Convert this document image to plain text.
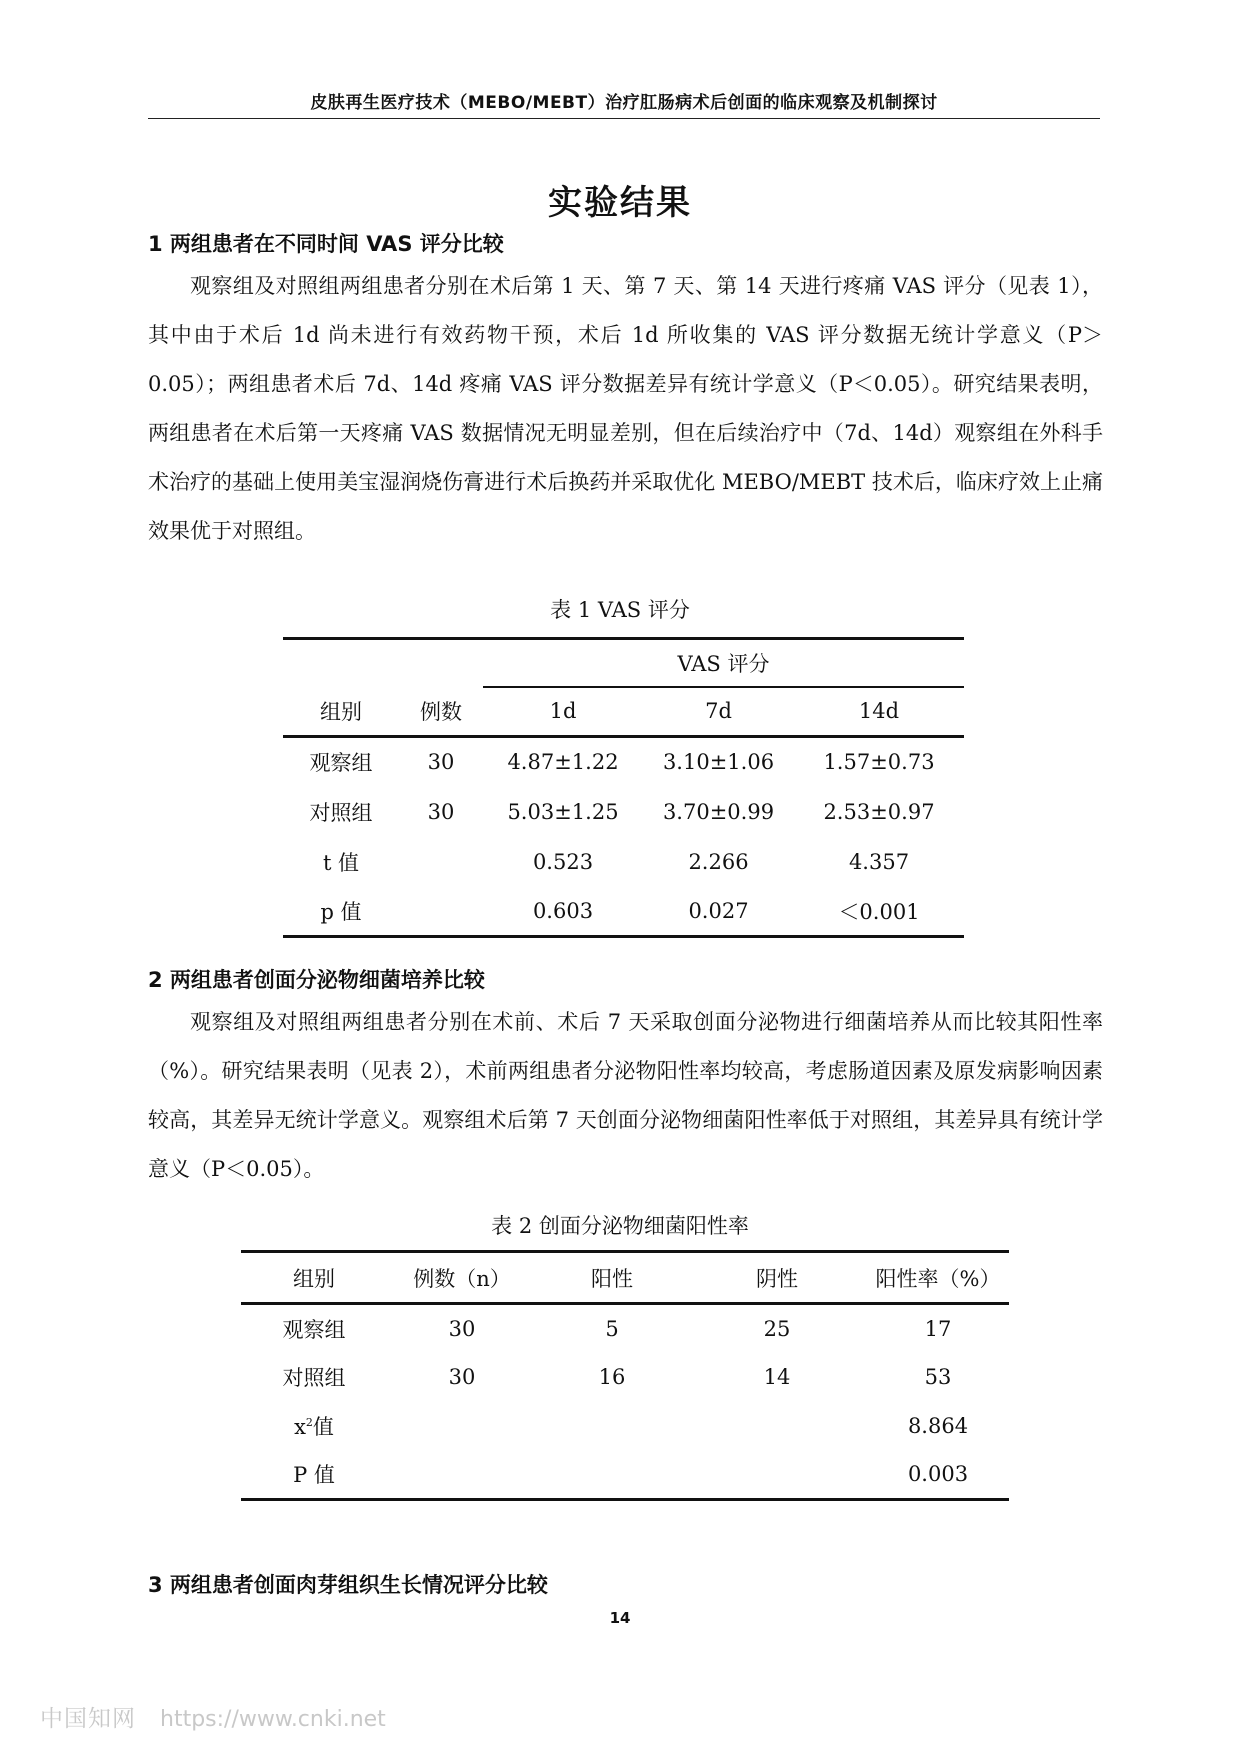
皮肤再生医疗技术（MEBO/MEBT）治疗肛肠病术后创面的临床观察及机制探讨
实验结果
1 两组患者在不同时间 VAS 评分比较

观察组及对照组两组患者分别在术后第 1 天、第 7 天、第 14 天进行疼痛 VAS 评分（见表 1），其中由于术后 1d 尚未进行有效药物干预，术后 1d 所收集的 VAS 评分数据无统计学意义（P＞0.05）；两组患者术后 7d、14d 疼痛 VAS 评分数据差异有统计学意义（P＜0.05）。研究结果表明，两组患者在术后第一天疼痛 VAS 数据情况无明显差别，但在后续治疗中（7d、14d）观察组在外科手术治疗的基础上使用美宝湿润烧伤膏进行术后换药并采取优化 MEBO/MEBT 技术后，临床疗效上止痛效果优于对照组。

表 1 VAS 评分
		VAS 评分		
组别	例数	1d	7d	14d
观察组	30	4.87±1.22	3.10±1.06	1.57±0.73
对照组	30	5.03±1.25	3.70±0.99	2.53±0.97
t 值		0.523	2.266	4.357
p 值		0.603	0.027	＜0.001
2 两组患者创面分泌物细菌培养比较

观察组及对照组两组患者分别在术前、术后 7 天采取创面分泌物进行细菌培养从而比较其阳性率（%）。研究结果表明（见表 2），术前两组患者分泌物阳性率均较高，考虑肠道因素及原发病影响因素较高，其差异无统计学意义。观察组术后第 7 天创面分泌物细菌阳性率低于对照组，其差异具有统计学意义（P＜0.05）。

表 2 创面分泌物细菌阳性率
组别	例数（n）	阳性	阴性	阳性率（%）
观察组	30	5	25	17
对照组	30	16	14	53
$x^2$值				8.864
P 值				0.003
3 两组患者创面肉芽组织生长情况评分比较
14
中国知网 https://www.cnki.net
